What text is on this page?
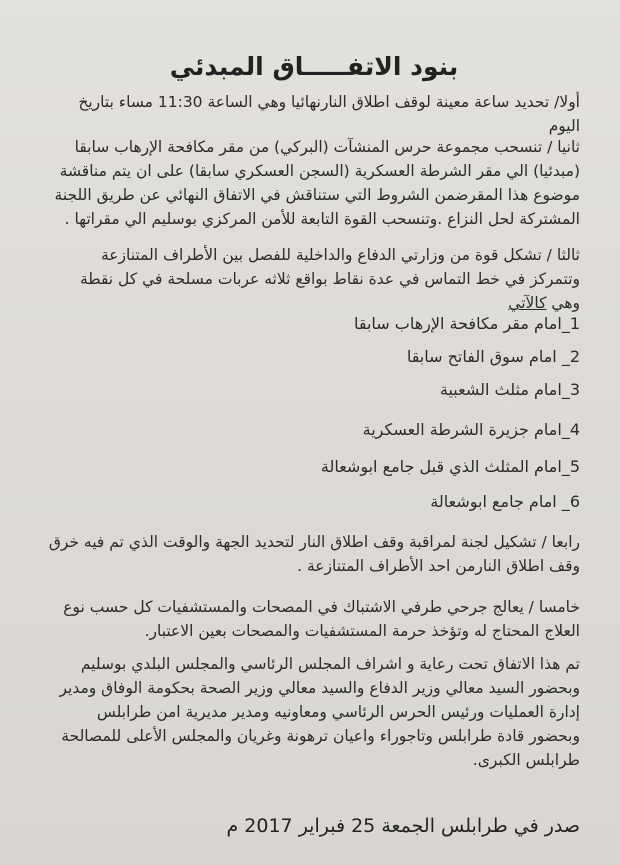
بنود الاتفـــــاق المبدئي
أولا/ تحديد ساعة معينة لوقف اطلاق النارنهائيا وهي الساعة 11:30 مساء بتاريخ اليوم
ثانيا / تنسحب مجموعة حرس المنشآت (البركي) من مقر مكافحة الإرهاب سابقا (مبدئيا) الي مقر الشرطة العسكرية (السجن العسكري سابقا) على ان يتم مناقشة موضوع هذا المقرضمن الشروط التي ستناقش في الاتفاق النهائي عن طريق اللجنة المشتركة لحل النزاع .وتنسحب القوة التابعة للأمن المركزي بوسليم الي مقراتها .
ثالثا / تشكل قوة من وزارتي الدفاع والداخلية للفصل بين الأطراف المتنازعة وتتمركز في خط التماس في عدة نقاط بواقع ثلاثه عربات مسلحة في كل نقطة وهي كالآتي
1_امام مقر مكافحة الإرهاب سابقا
2_ امام سوق الفاتح سابقا
3_امام مثلث الشعبية
4_امام جزيرة الشرطة العسكرية
5_امام المثلث الذي قبل جامع ابوشعالة
6_ امام جامع ابوشعالة
رابعا / تشكيل لجنة لمراقبة وقف اطلاق النار لتحديد الجهة والوقت الذي تم فيه خرق وقف اطلاق النارمن احد الأطراف المتنازعة .
خامسا / يعالج جرحي طرفي الاشتباك في المصحات والمستشفيات كل حسب نوع العلاج المحتاج له وتؤخذ حرمة المستشفيات والمصحات بعين الاعتبار.
تم هذا الاتفاق تحت رعاية و اشراف المجلس الرئاسي والمجلس البلدي بوسليم وبحضور السيد معالي وزير الدفاع والسيد معالي وزير الصحة بحكومة الوفاق ومدير إدارة العمليات ورئيس الحرس الرئاسي ومعاونيه ومدير مديرية امن طرابلس وبحضور قادة طرابلس وتاجوراء واعيان ترهونة وغريان والمجلس الأعلى للمصالحة طرابلس الكبرى.
صدر في طرابلس الجمعة 25 فبراير 2017 م
